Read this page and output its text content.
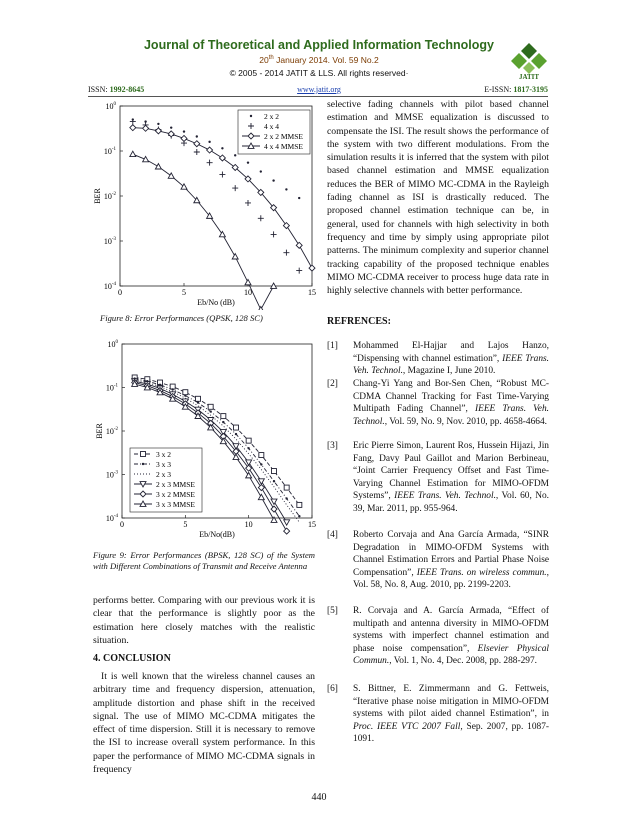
Journal of Theoretical and Applied Information Technology
20th January 2014. Vol. 59 No.2
© 2005 - 2014 JATIT & LLS. All rights reserved·	JATIT
ISSN: 1992-8645	www.jatit.org	E-ISSN: 1817-3195
0	5	10	15
$10^0$
$10^{-1}$
$10^{-2}$
$10^{-3}$
$10^{-4}$
Eb/No (dB)
BER
2 x 2
4 x 4
2 x 2 MMSE
4 x 4 MMSE
Figure 8: Error Performances (QPSK, 128 SC)
0	5	10	15
$10^0$
$10^{-1}$
$10^{-2}$
$10^{-3}$
$10^{-4}$
Eb/No(dB)
BER
3 x 2
3 x 3
2 x 3
2 x 3 MMSE
3 x 2 MMSE
3 x 3 MMSE
Figure 9: Error Performances (BPSK, 128 SC) of the System with Different Combinations of Transmit and Receive Antenna
performs better. Comparing with our previous work it is clear that the performance is slightly poor as the estimation here closely matches with the realistic situation.
4. CONCLUSION
It is well known that the wireless channel causes an arbitrary time and frequency dispersion, attenuation, amplitude distortion and phase shift in the received signal. The use of MIMO MC-CDMA mitigates the effect of time dispersion. Still it is necessary to remove the ISI to increase overall system performance. In this paper the performance of MIMO MC-CDMA signals in frequency
selective fading channels with pilot based channel estimation and MMSE equalization is discussed to compensate the ISI. The result shows the performance of the system with two different modulations. From the simulation results it is inferred that the system with pilot based channel estimation and MMSE equalization reduces the BER of MIMO MC-CDMA in the Rayleigh fading channel as ISI is drastically reduced. The proposed channel estimation technique can be, in general, used for channels with high selectivity in both frequency and time by simply using appropriate pilot patterns. The minimum complexity and superior channel tracking capability of the proposed technique enables MIMO MC-CDMA receiver to process huge data rate in highly selective channels with better performance.
REFRENCES:
[1] Mohammed El-Hajjar and Lajos Hanzo, “Dispensing with channel estimation”, IEEE Trans. Veh. Technol., Magazine I, June 2010.
[2] Chang-Yi Yang and Bor-Sen Chen, “Robust MC-CDMA Channel Tracking for Fast Time-Varying Multipath Fading Channel”, IEEE Trans. Veh. Technol., Vol. 59, No. 9, Nov. 2010, pp. 4658-4664.
[3] Eric Pierre Simon, Laurent Ros, Hussein Hijazi, Jin Fang, Davy Paul Gaillot and Marion Berbineau, “Joint Carrier Frequency Offset and Fast Time-Varying Channel Estimation for MIMO-OFDM Systems”, IEEE Trans. Veh. Technol., Vol. 60, No. 39, Mar. 2011, pp. 955-964.
[4] Roberto Corvaja and Ana García Armada, “SINR Degradation in MIMO-OFDM Systems with Channel Estimation Errors and Partial Phase Noise Compensation”, IEEE Trans. on wireless commun., Vol. 58, No. 8, Aug. 2010, pp. 2199-2203.
[5] R. Corvaja and A. García Armada, “Effect of multipath and antenna diversity in MIMO-OFDM systems with imperfect channel estimation and phase noise compensation”, Elsevier Physical Commun., Vol. 1, No. 4, Dec. 2008, pp. 288-297.
[6] S. Bittner, E. Zimmermann and G. Fettweis, “Iterative phase noise mitigation in MIMO-OFDM systems with pilot aided channel Estimation”, in Proc. IEEE VTC 2007 Fall, Sep. 2007, pp. 1087-1091.
440
